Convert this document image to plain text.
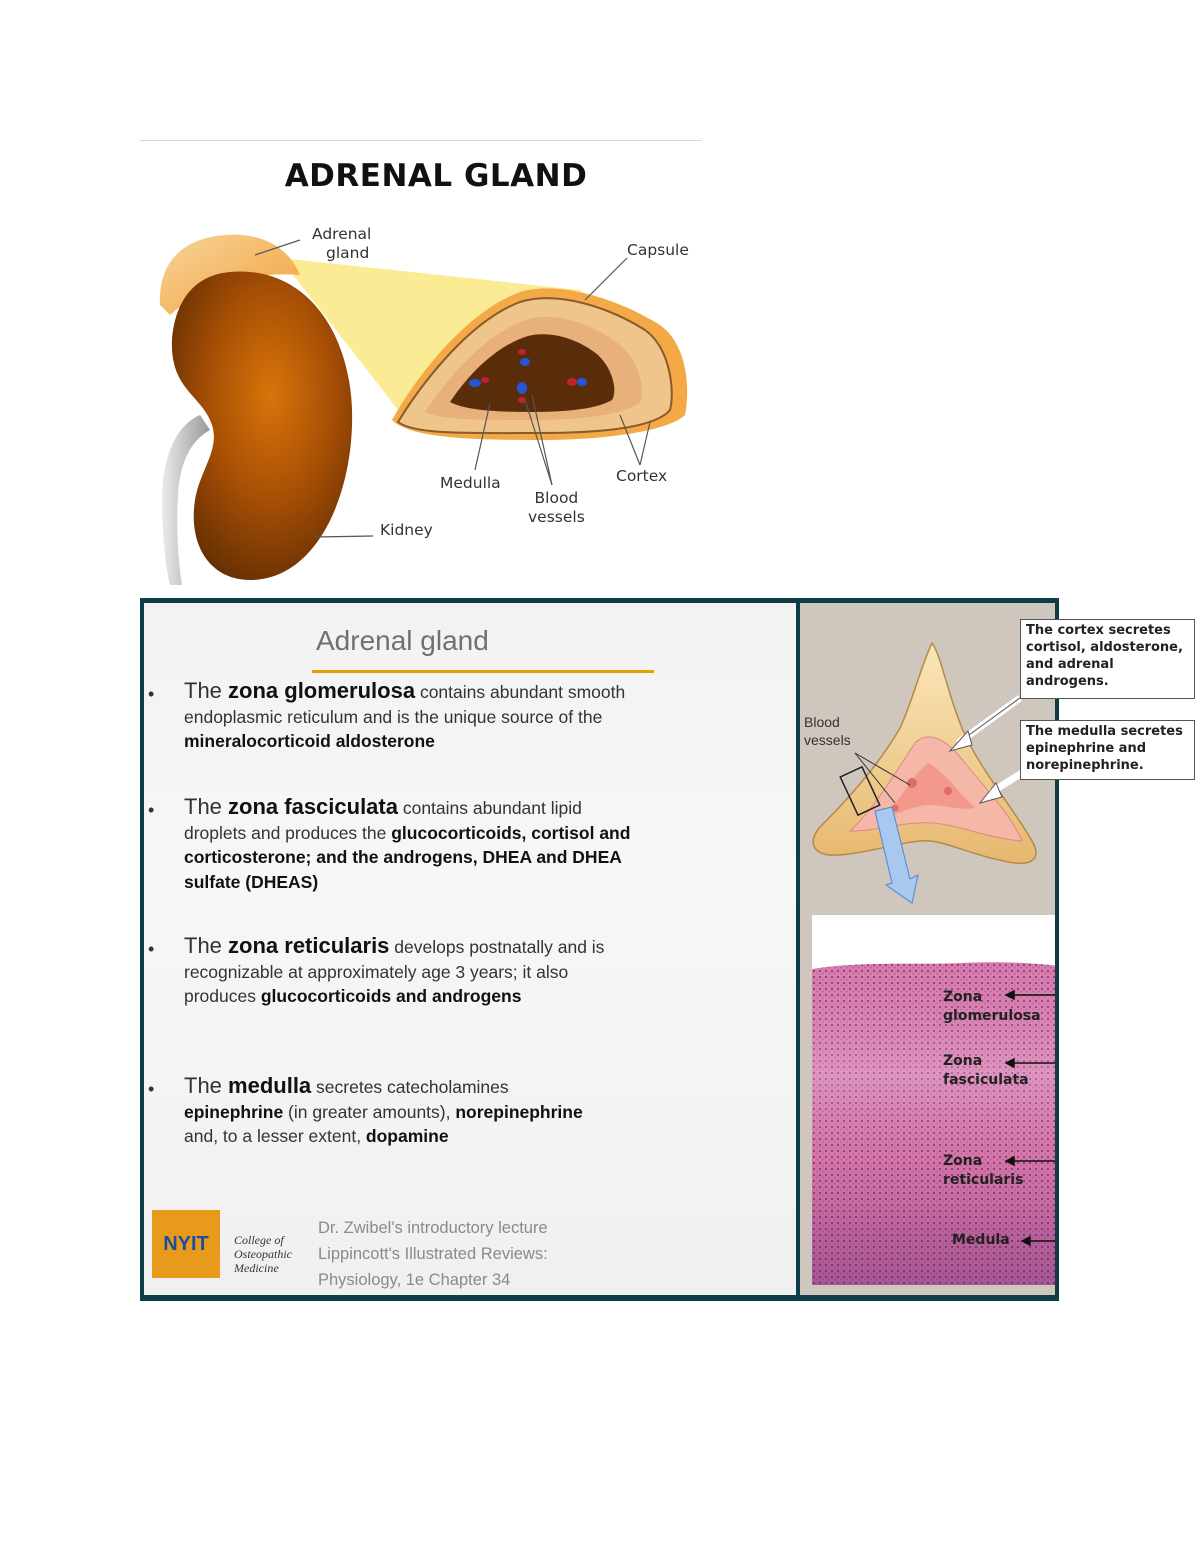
ADRENAL GLAND
Adrenal
gland	Capsule
Medulla
Blood
vessels
Cortex
Kidney
Adrenal gland
• The zona glomerulosa contains abundant smooth endoplasmic reticulum and is the unique source of the mineralocorticoid aldosterone
• The zona fasciculata contains abundant lipid droplets and produces the glucocorticoids, cortisol and corticosterone; and the androgens, DHEA and DHEA sulfate (DHEAS)
• The zona reticularis develops postnatally and is recognizable at approximately age 3 years; it also produces glucocorticoids and androgens
• The medulla secretes catecholamines epinephrine (in greater amounts), norepinephrine and, to a lesser extent, dopamine
NYIT	College of
Osteopathic
Medicine
Dr. Zwibel's introductory lecture
Lippincott's Illustrated Reviews:
Physiology, 1e Chapter 34
The cortex secretes cortisol, aldosterone, and adrenal androgens.
The medulla secretes epinephrine and norepinephrine.
Blood
vessels
Zona
glomerulosa
Zona
fasciculata
Zona
reticularis
Medula
